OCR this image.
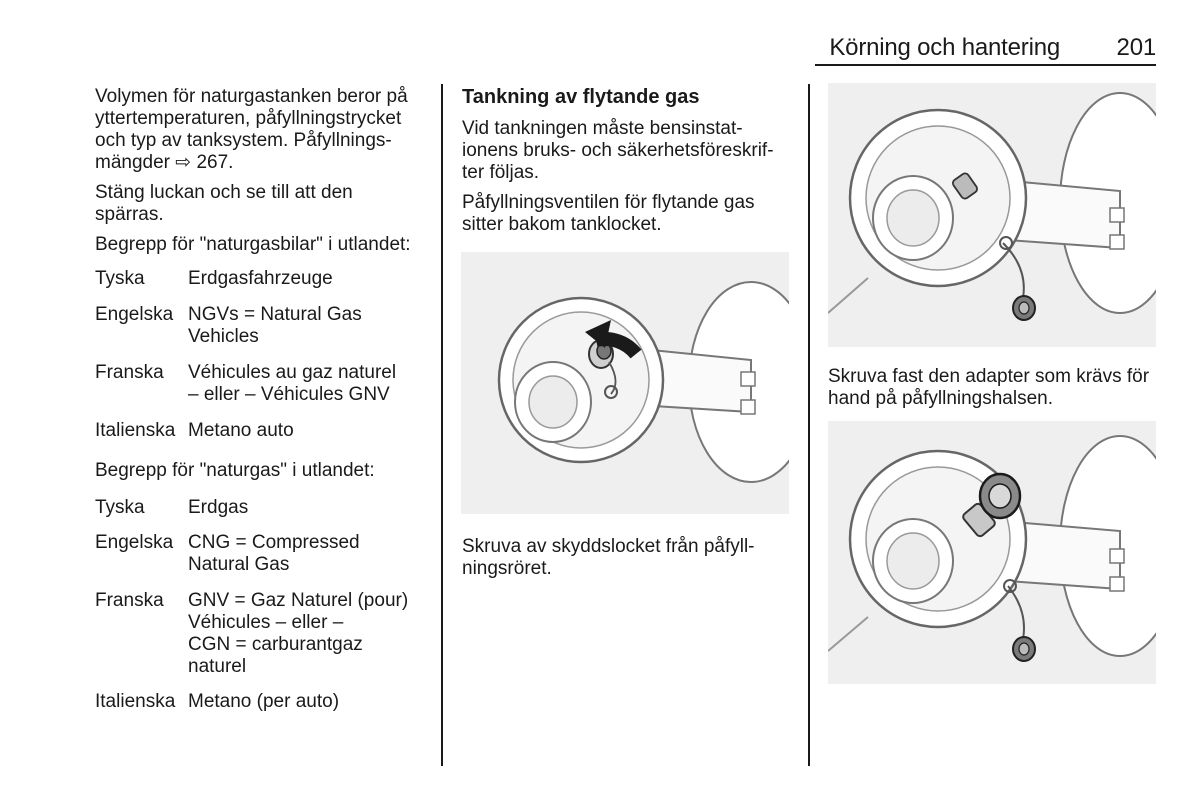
Körning och hantering	201

Volymen för naturgastanken beror på
yttertemperaturen, påfyllningstrycket
och typ av tanksystem. Påfyllnings-
mängder ⇨ 267.

Stäng luckan och se till att den
spärras.

Begrepp för "naturgasbilar" i utlandet:

Tyska Erdgasfahrzeuge
Engelska NGVs = Natural Gas
Vehicles
Franska Véhicules au gaz naturel
– eller – Véhicules GNV
Italienska Metano auto
Begrepp för "naturgas" i utlandet:
Tyska Erdgas
Engelska CNG = Compressed
Natural Gas
Franska GNV = Gaz Naturel (pour)
Véhicules – eller –
CGN = carburantgaz
naturel
Italienska Metano (per auto)

Tankning av flytande gas

Vid tankningen måste bensinstat-
ionens bruks- och säkerhetsföreskrif-
ter följas.

Påfyllningsventilen för flytande gas
sitter bakom tanklocket.

Skruva av skyddslocket från påfyll-
ningsröret.
Skruva fast den adapter som krävs för
hand på påfyllningshalsen.
